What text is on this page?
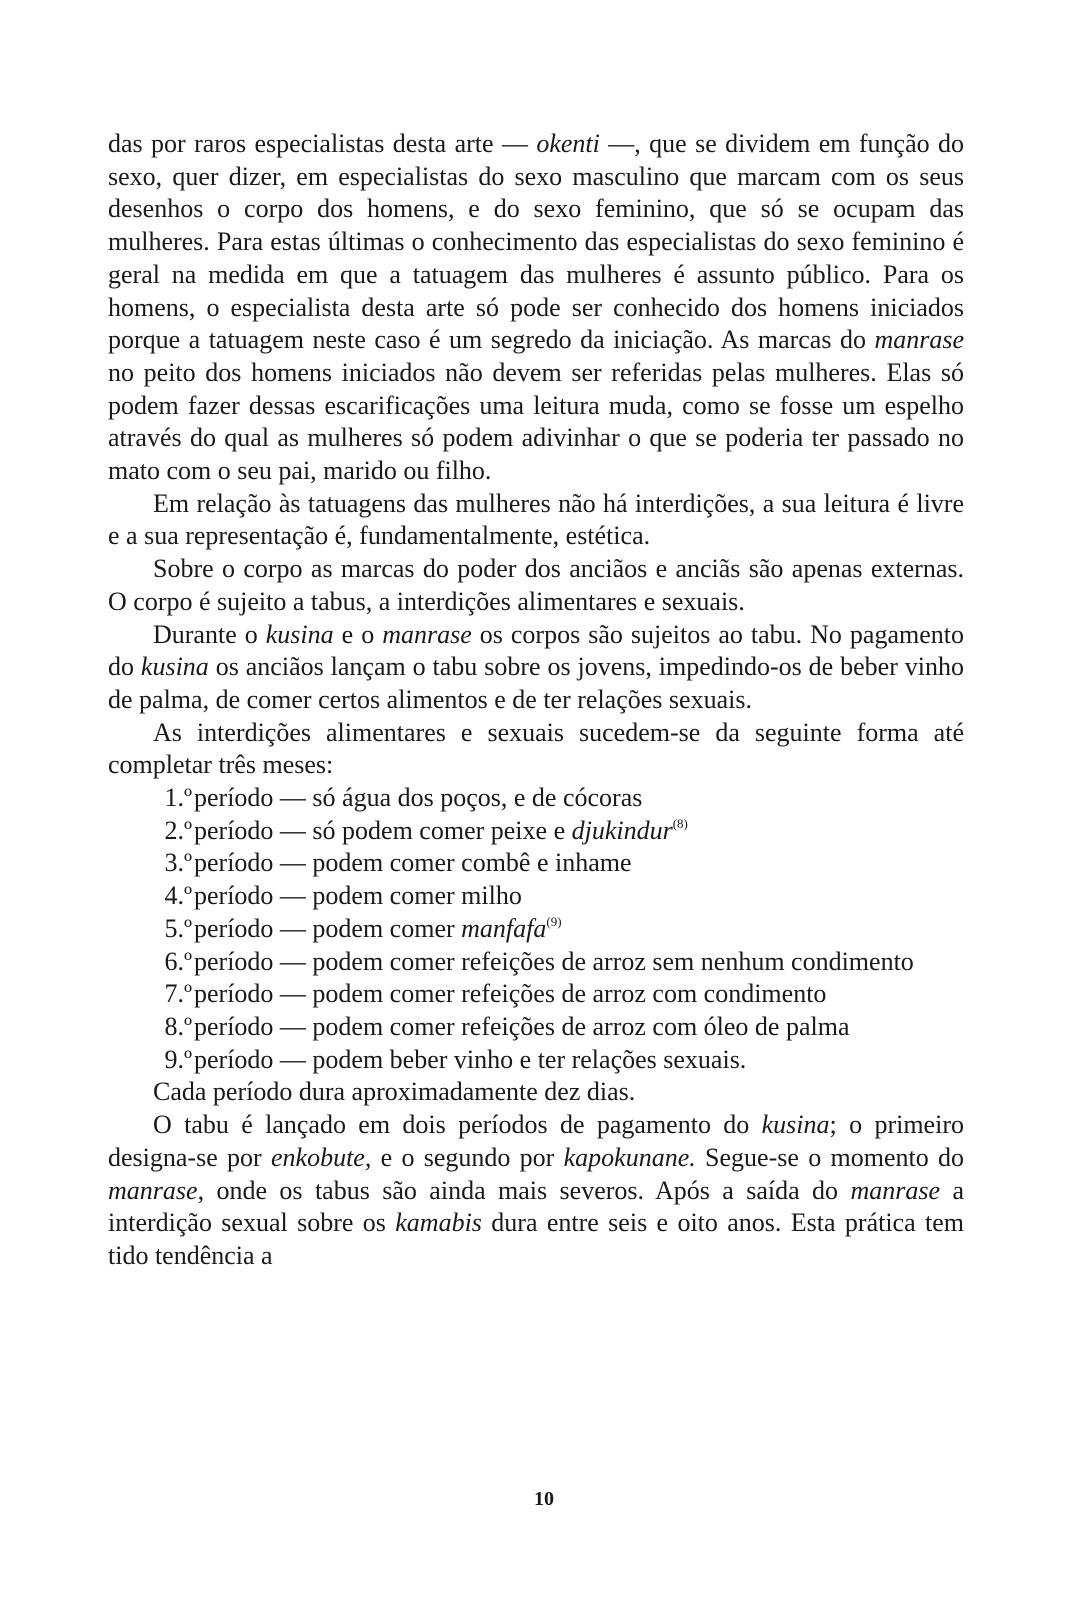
das por raros especialistas desta arte — okenti —, que se dividem em função do sexo, quer dizer, em especialistas do sexo masculino que marcam com os seus desenhos o corpo dos homens, e do sexo feminino, que só se ocupam das mulheres. Para estas últimas o conhecimento das especialistas do sexo feminino é geral na medida em que a tatuagem das mulheres é assunto público. Para os homens, o especialista desta arte só pode ser conhecido dos homens iniciados porque a tatuagem neste caso é um segredo da iniciação. As marcas do manrase no peito dos homens iniciados não devem ser referidas pelas mulheres. Elas só podem fazer dessas escarificações uma leitura muda, como se fosse um espelho através do qual as mulheres só podem adivinhar o que se poderia ter passado no mato com o seu pai, marido ou filho.

Em relação às tatuagens das mulheres não há interdições, a sua leitura é livre e a sua representação é, fundamentalmente, estética.

Sobre o corpo as marcas do poder dos anciãos e anciãs são apenas externas. O corpo é sujeito a tabus, a interdições alimentares e sexuais.

Durante o kusina e o manrase os corpos são sujeitos ao tabu. No pagamento do kusina os anciãos lançam o tabu sobre os jovens, impedindo-os de beber vinho de palma, de comer certos alimentos e de ter relações sexuais.

As interdições alimentares e sexuais sucedem-se da seguinte forma até completar três meses:

1.º período — só água dos poços, e de cócoras
2.º período — só podem comer peixe e djukindur$^{(8)}$
3.º período — podem comer combê e inhame
4.º período — podem comer milho
5.º período — podem comer manfafa$^{(9)}$
6.º período — podem comer refeições de arroz sem nenhum condimento
7.º período — podem comer refeições de arroz com condimento
8.º período — podem comer refeições de arroz com óleo de palma
9.º período — podem beber vinho e ter relações sexuais.

Cada período dura aproximadamente dez dias.

O tabu é lançado em dois períodos de pagamento do kusina; o primeiro designa-se por enkobute, e o segundo por kapokunane. Segue-se o momento do manrase, onde os tabus são ainda mais severos. Após a saída do manrase a interdição sexual sobre os kamabis dura entre seis e oito anos. Esta prática tem tido tendência a

10
